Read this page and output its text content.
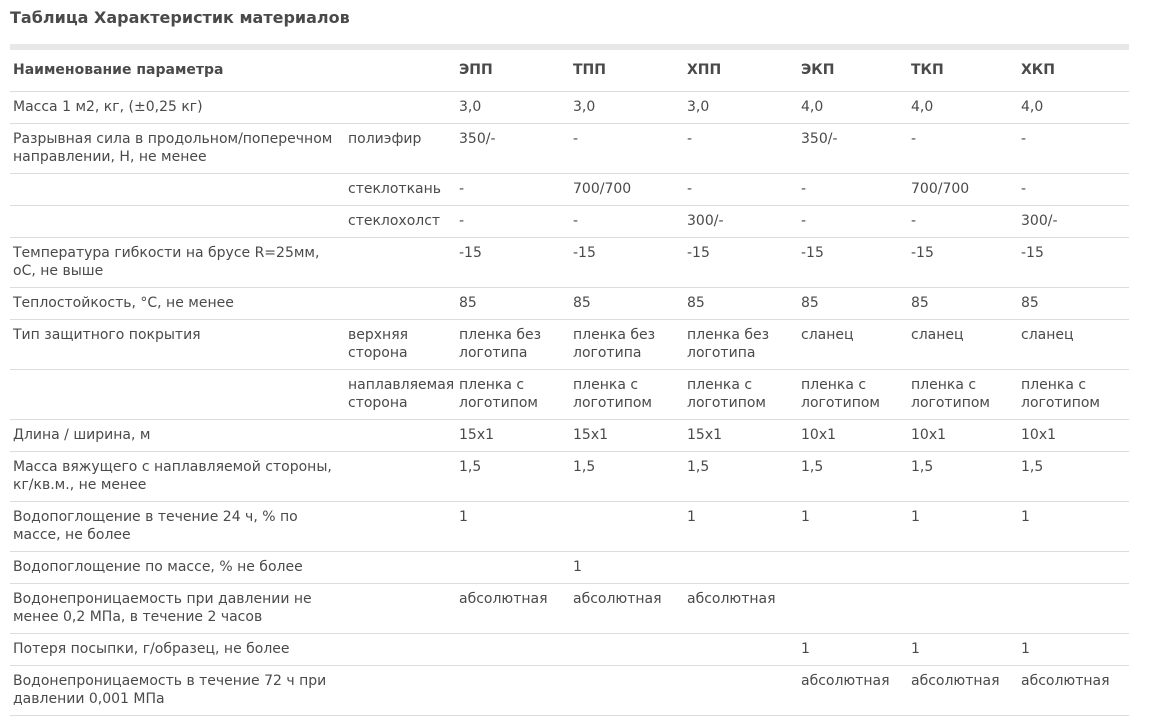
Таблица Характеристик материалов
Наименование параметра		ЭПП	ТПП	ХПП	ЭКП	ТКП	ХКП
Масса 1 м2, кг, (±0,25 кг)		3,0	3,0	3,0	4,0	4,0	4,0
Разрывная сила в продольном/поперечном направлении, Н, не менее	полиэфир	350/-	-	-	350/-	-	-
	стеклоткань	-	700/700	-	-	700/700	-
	стеклохолст	-	-	300/-	-	-	300/-
Температура гибкости на брусе R=25мм, оС, не выше		-15	-15	-15	-15	-15	-15
Теплостойкость, °С, не менее		85	85	85	85	85	85
Тип защитного покрытия	верхняя сторона	пленка без логотипа	пленка без логотипа	пленка без логотипа	сланец	сланец	сланец
	наплавляемая сторона	пленка с логотипом	пленка с логотипом	пленка с логотипом	пленка с логотипом	пленка с логотипом	пленка с логотипом
Длина / ширина, м		15x1	15x1	15x1	10x1	10x1	10x1
Масса вяжущего с наплавляемой стороны, кг/кв.м., не менее		1,5	1,5	1,5	1,5	1,5	1,5
Водопоглощение в течение 24 ч, % по массе, не более		1		1	1	1	1
Водопоглощение по массе, % не более			1				
Водонепроницаемость при давлении не менее 0,2 МПа, в течение 2 часов		абсолютная	абсолютная	абсолютная			
Потеря посыпки, г/образец, не более					1	1	1
Водонепроницаемость в течение 72 ч при давлении 0,001 МПа					абсолютная	абсолютная	абсолютная
